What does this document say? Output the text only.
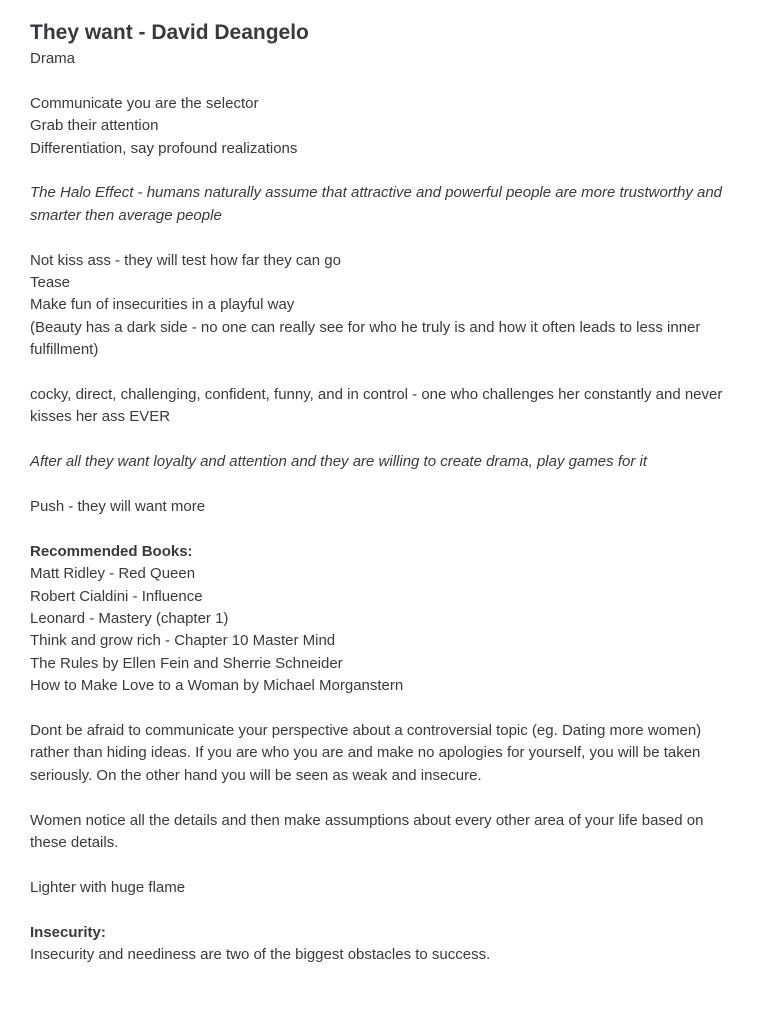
They want - David Deangelo

Drama

Communicate you are the selector

Grab their attention

Differentiation, say profound realizations

The Halo Effect - humans naturally assume that attractive and powerful people are more trustworthy and smarter then average people

Not kiss ass - they will test how far they can go

Tease

Make fun of insecurities in a playful way

(Beauty has a dark side - no one can really see for who he truly is and how it often leads to less inner fulfillment)

cocky, direct, challenging, confident, funny, and in control - one who challenges her constantly and never kisses her ass EVER

After all they want loyalty and attention and they are willing to create drama, play games for it

Push - they will want more

Recommended Books:

Matt Ridley - Red Queen

Robert Cialdini - Influence

Leonard - Mastery (chapter 1)

Think and grow rich - Chapter 10 Master Mind

The Rules by Ellen Fein and Sherrie Schneider

How to Make Love to a Woman by Michael Morganstern

Dont be afraid to communicate your perspective about a controversial topic (eg. Dating more women) rather than hiding ideas. If you are who you are and make no apologies for yourself, you will be taken seriously. On the other hand you will be seen as weak and insecure.

Women notice all the details and then make assumptions about every other area of your life based on these details.

Lighter with huge flame

Insecurity:

Insecurity and neediness are two of the biggest obstacles to success.
